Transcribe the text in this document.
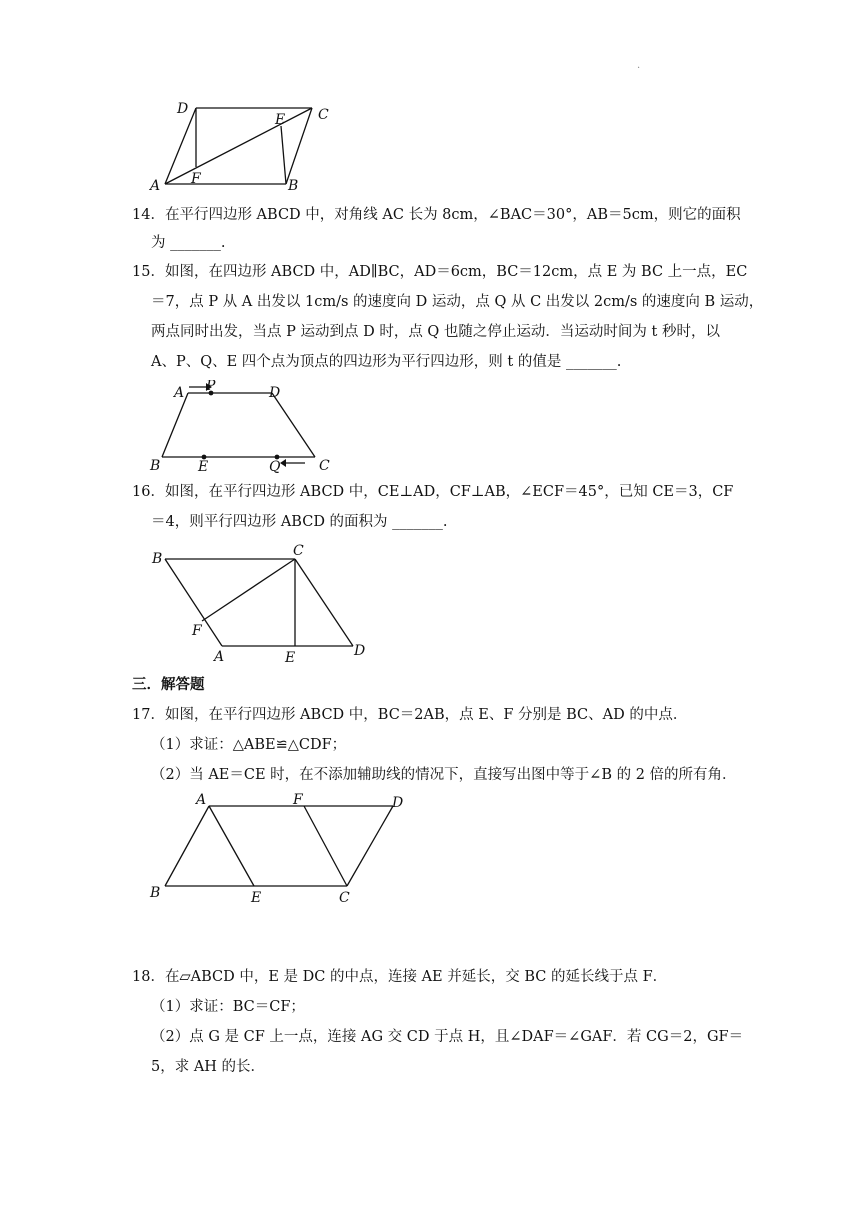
.
D	C
E
A F	B
14．在平行四边形 ABCD 中，对角线 AC 长为 8cm，∠BAC＝30°，AB＝5cm，则它的面积
为 _______.
15．如图，在四边形 ABCD 中，AD∥BC，AD＝6cm，BC＝12cm，点 E 为 BC 上一点，EC
＝7，点 P 从 A 出发以 1cm/s 的速度向 D 运动，点 Q 从 C 出发以 2cm/s 的速度向 B 运动，
两点同时出发，当点 P 运动到点 D 时，点 Q 也随之停止运动．当运动时间为 t 秒时，以
A、P、Q、E 四个点为顶点的四边形为平行四边形，则 t 的值是 _______.
A P	D
B	E	Q	C
16．如图，在平行四边形 ABCD 中，CE⊥AD，CF⊥AB，∠ECF＝45°，已知 CE＝3，CF
＝4，则平行四边形 ABCD 的面积为 _______.
B	C
F
A	E	D
三．解答题
17．如图，在平行四边形 ABCD 中，BC＝2AB，点 E、F 分别是 BC、AD 的中点．
（1）求证：△ABE≌△CDF；
（2）当 AE＝CE 时，在不添加辅助线的情况下，直接写出图中等于∠B 的 2 倍的所有角．
A	F	D
B	E	C
18．在▱ABCD 中，E 是 DC 的中点，连接 AE 并延长，交 BC 的延长线于点 F．
（1）求证：BC＝CF；
（2）点 G 是 CF 上一点，连接 AG 交 CD 于点 H，且∠DAF＝∠GAF．若 CG＝2，GF＝
5，求 AH 的长．
